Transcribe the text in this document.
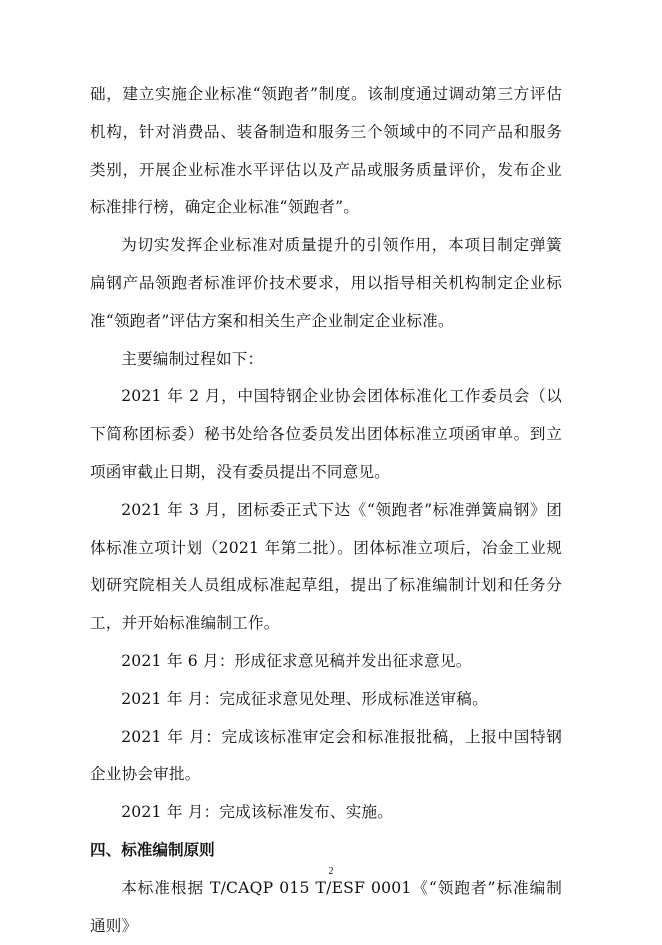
础，建立实施企业标准“领跑者”制度。该制度通过调动第三方评估机构，针对消费品、装备制造和服务三个领域中的不同产品和服务类别，开展企业标准水平评估以及产品或服务质量评价，发布企业标准排行榜，确定企业标准“领跑者”。

为切实发挥企业标准对质量提升的引领作用，本项目制定弹簧扁钢产品领跑者标准评价技术要求，用以指导相关机构制定企业标准“领跑者”评估方案和相关生产企业制定企业标准。

主要编制过程如下：

2021 年 2 月，中国特钢企业协会团体标准化工作委员会（以下简称团标委）秘书处给各位委员发出团体标准立项函审单。到立项函审截止日期，没有委员提出不同意见。

2021 年 3 月，团标委正式下达《“领跑者”标准弹簧扁钢》团体标准立项计划（2021 年第二批）。团体标准立项后，冶金工业规划研究院相关人员组成标准起草组，提出了标准编制计划和任务分工，并开始标准编制工作。

2021 年 6 月：形成征求意见稿并发出征求意见。

2021 年 月：完成征求意见处理、形成标准送审稿。

2021 年 月：完成该标准审定会和标准报批稿，上报中国特钢企业协会审批。

2021 年 月：完成该标准发布、实施。

四、标准编制原则

本标准根据 T/CAQP 015 T/ESF 0001《“领跑者”标准编制通则》

2
